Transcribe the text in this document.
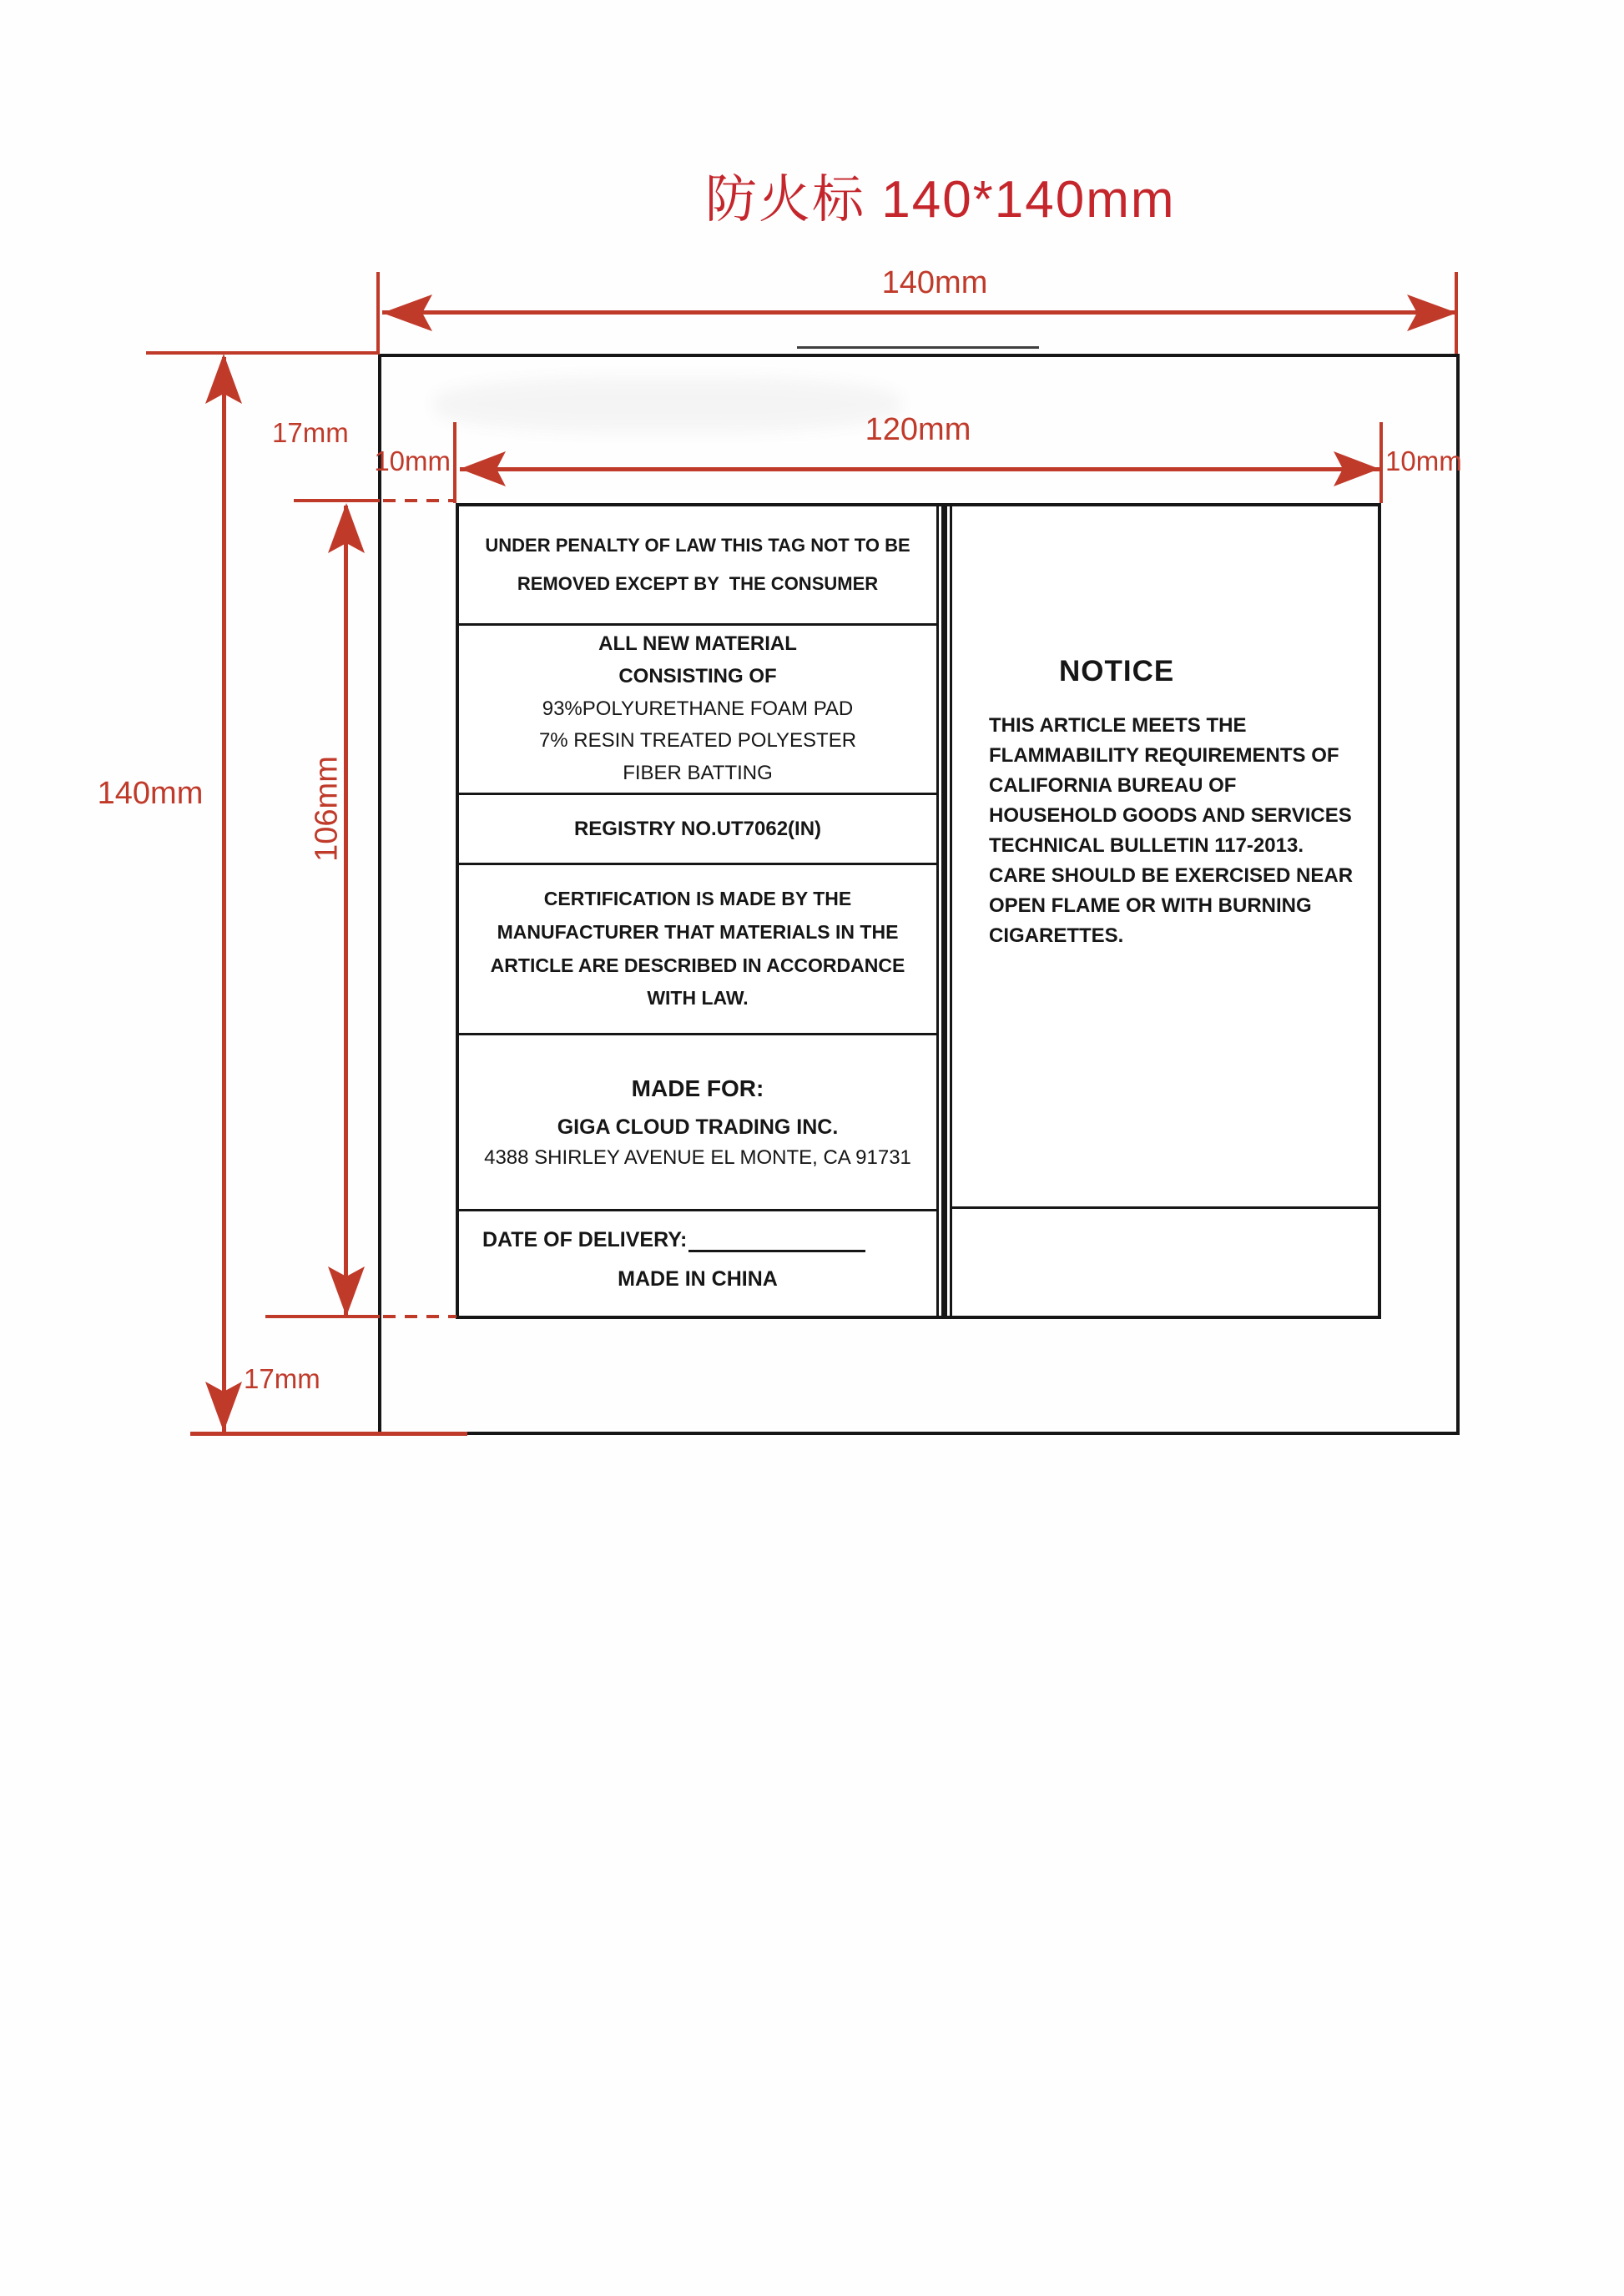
防火标 140*140mm
UNDER PENALTY OF LAW THIS TAG NOT TO BE
REMOVED EXCEPT BY  THE CONSUMER
ALL NEW MATERIAL
CONSISTING OF
93%POLYURETHANE FOAM PAD
7% RESIN TREATED POLYESTER
FIBER BATTING
REGISTRY NO.UT7062(IN)
CERTIFICATION IS MADE BY THE
MANUFACTURER THAT MATERIALS IN THE
ARTICLE ARE DESCRIBED IN ACCORDANCE
WITH LAW.
MADE FOR:
GIGA CLOUD TRADING INC.
4388 SHIRLEY AVENUE EL MONTE, CA 91731
DATE OF DELIVERY:
MADE IN CHINA
NOTICE
THIS ARTICLE MEETS THE
FLAMMABILITY REQUIREMENTS OF
CALIFORNIA BUREAU OF
HOUSEHOLD GOODS AND SERVICES
TECHNICAL BULLETIN 117-2013.
CARE SHOULD BE EXERCISED NEAR
OPEN FLAME OR WITH BURNING
CIGARETTES.
140mm
120mm
10mm	10mm
140mm	106mm
17mm
17mm
